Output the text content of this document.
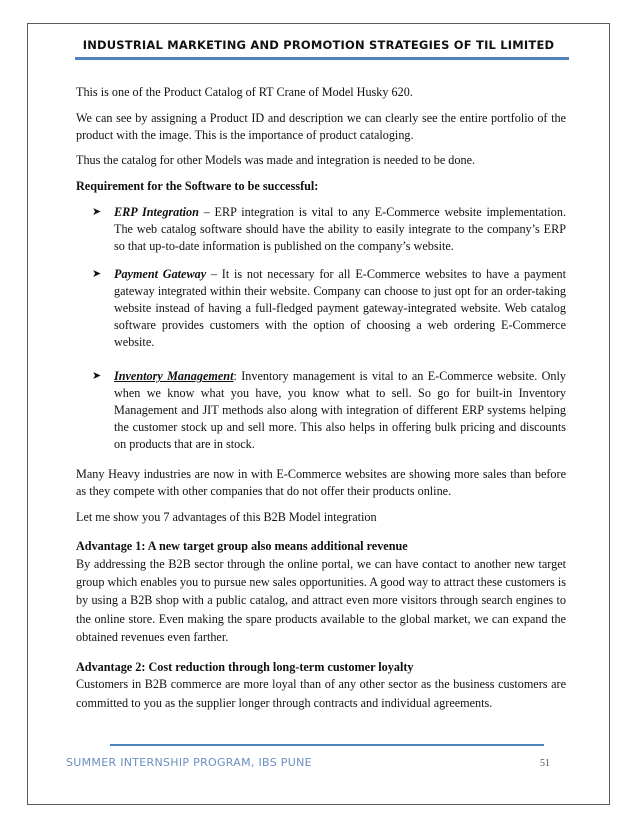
INDUSTRIAL MARKETING AND PROMOTION STRATEGIES OF TIL LIMITED

This is one of the Product Catalog of RT Crane of Model Husky 620.

We can see by assigning a Product ID and description we can clearly see the entire portfolio of the product with the image. This is the importance of product cataloging.

Thus the catalog for other Models was made and integration is needed to be done.

Requirement for the Software to be successful:

➤ ERP Integration – ERP integration is vital to any E-Commerce website implementation. The web catalog software should have the ability to easily integrate to the company’s ERP so that up-to-date information is published on the company’s website.
➤ Payment Gateway – It is not necessary for all E-Commerce websites to have a payment gateway integrated within their website. Company can choose to just opt for an order-taking website instead of having a full-fledged payment gateway-integrated website. Web catalog software provides customers with the option of choosing a web ordering E-Commerce website.
➤ Inventory Management: Inventory management is vital to an E-Commerce website. Only when we know what you have, you know what to sell. So go for built-in Inventory Management and JIT methods also along with integration of different ERP systems helping the customer stock up and sell more. This also helps in offering bulk pricing and discounts on products that are in stock.

Many Heavy industries are now in with E-Commerce websites are showing more sales than before as they compete with other companies that do not offer their products online.

Let me show you 7 advantages of this B2B Model integration

Advantage 1: A new target group also means additional revenue

By addressing the B2B sector through the online portal, we can have contact to another new target group which enables you to pursue new sales opportunities. A good way to attract these customers is by using a B2B shop with a public catalog, and attract even more visitors through search engines to the online store. Even making the spare products available to the global market, we can expand the obtained revenues even farther.

Advantage 2: Cost reduction through long-term customer loyalty

Customers in B2B commerce are more loyal than of any other sector as the business customers are committed to you as the supplier longer through contracts and individual agreements.

SUMMER INTERNSHIP PROGRAM, IBS PUNE	51
